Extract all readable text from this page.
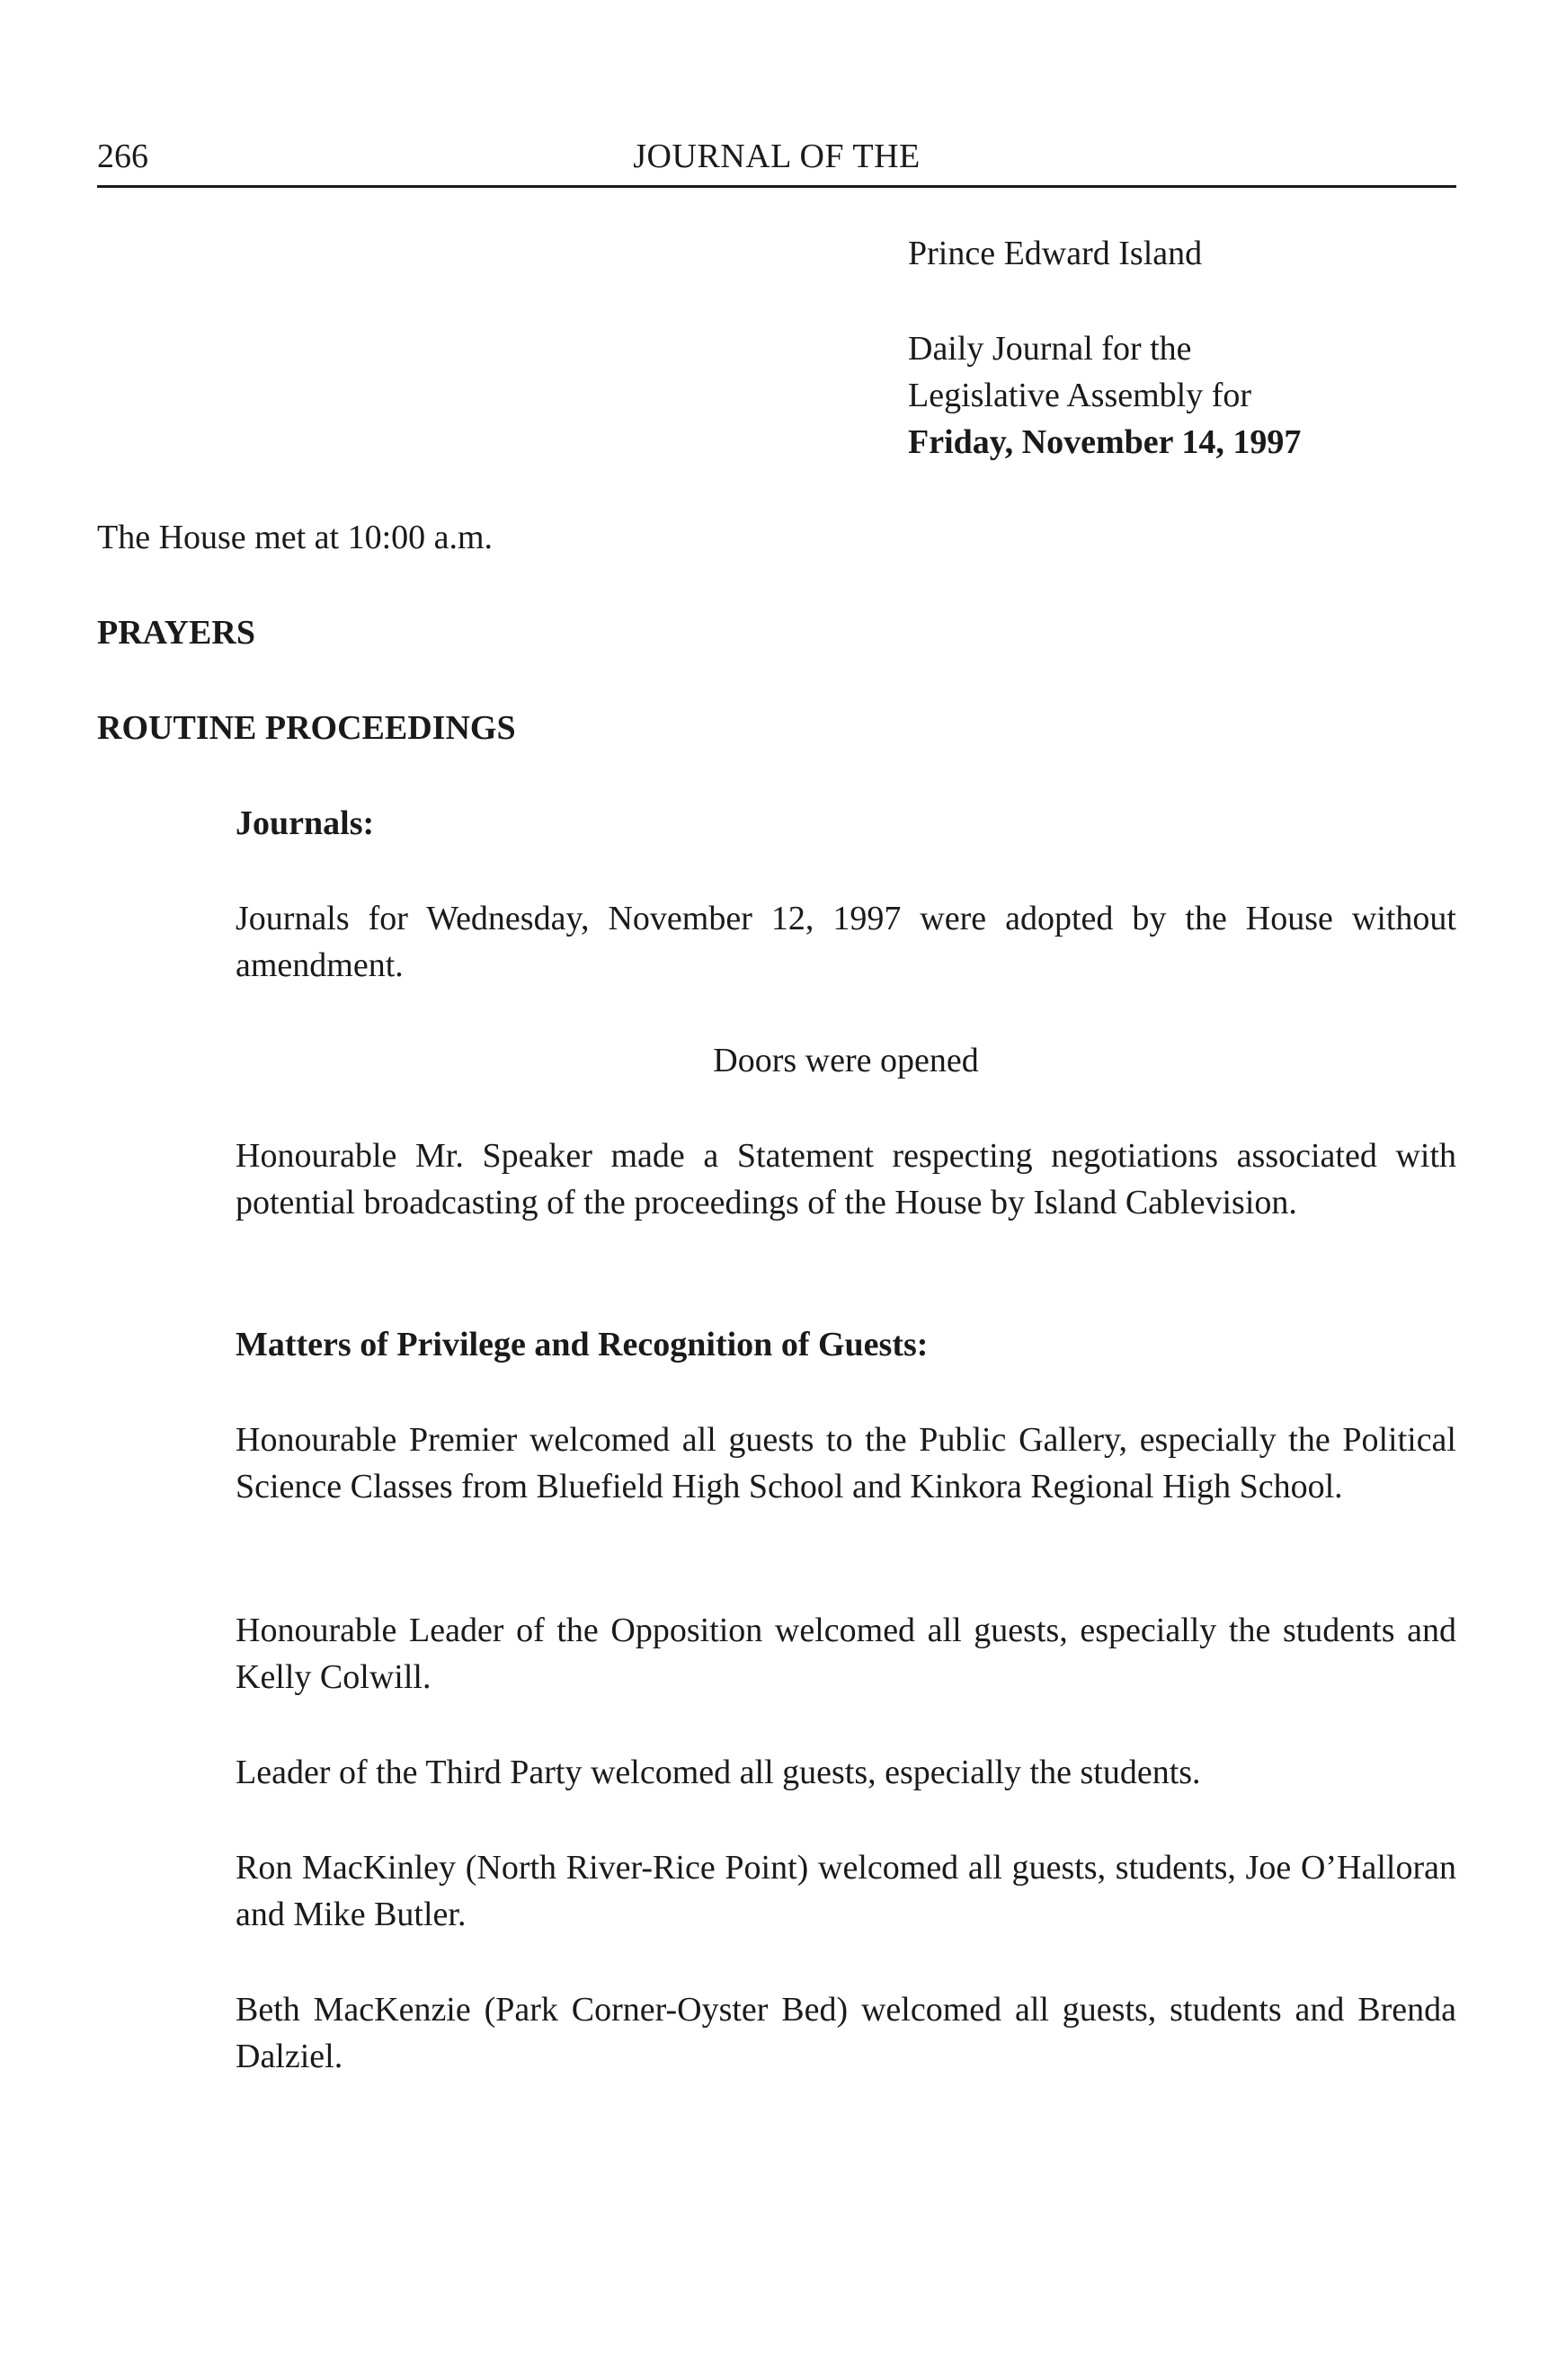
266	JOURNAL OF THE

Prince Edward Island

Daily Journal for the

Legislative Assembly for

Friday, November 14, 1997

The House met at 10:00 a.m.

PRAYERS

ROUTINE PROCEEDINGS

Journals:

Journals for Wednesday, November 12, 1997 were adopted by the House without amendment.

Doors were opened

Honourable Mr. Speaker made a Statement respecting negotiations associated with potential broadcasting of the proceedings of the House by Island Cablevision.

Matters of Privilege and Recognition of Guests:

Honourable Premier welcomed all guests to the Public Gallery, especially the Political Science Classes from Bluefield High School and Kinkora Regional High School.

Honourable Leader of the Opposition welcomed all guests, especially the students and Kelly Colwill.

Leader of the Third Party welcomed all guests, especially the students.

Ron MacKinley (North River-Rice Point) welcomed all guests, students, Joe O’Halloran and Mike Butler.

Beth MacKenzie (Park Corner-Oyster Bed) welcomed all guests, students and Brenda Dalziel.
